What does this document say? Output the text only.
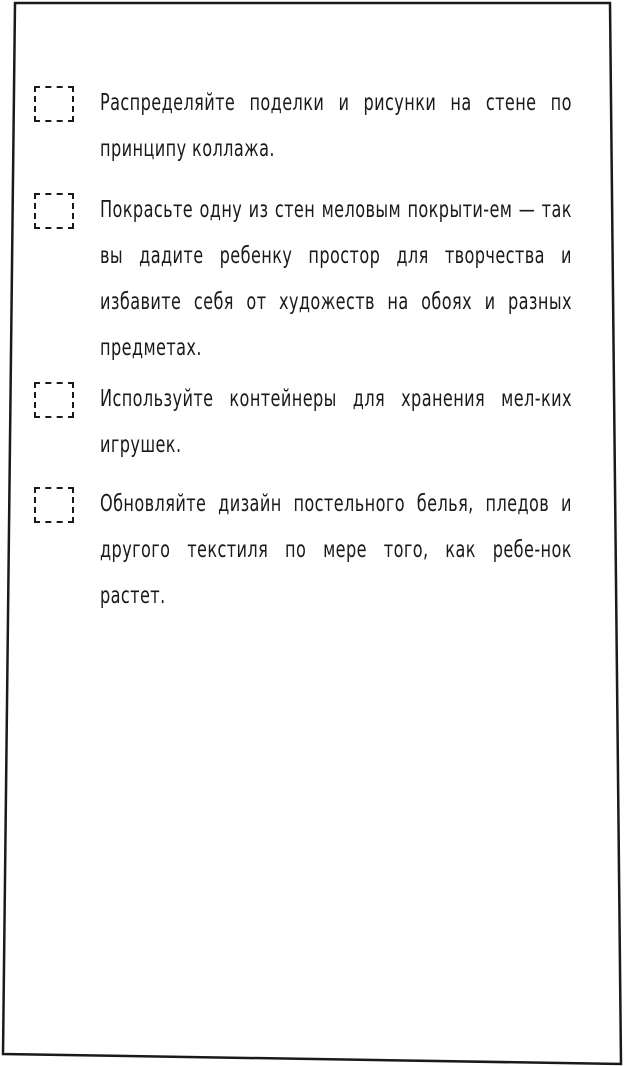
Распределяйте поделки и рисунки на стене по принципу коллажа.

Покрасьте одну из стен меловым покрыти-ем — так вы дадите ребенку простор для творчества и избавите себя от художеств на обоях и разных предметах.

Используйте контейнеры для хранения мел-ких игрушек.

Обновляйте дизайн постельного белья, пледов и другого текстиля по мере того, как ребе-нок растет.
